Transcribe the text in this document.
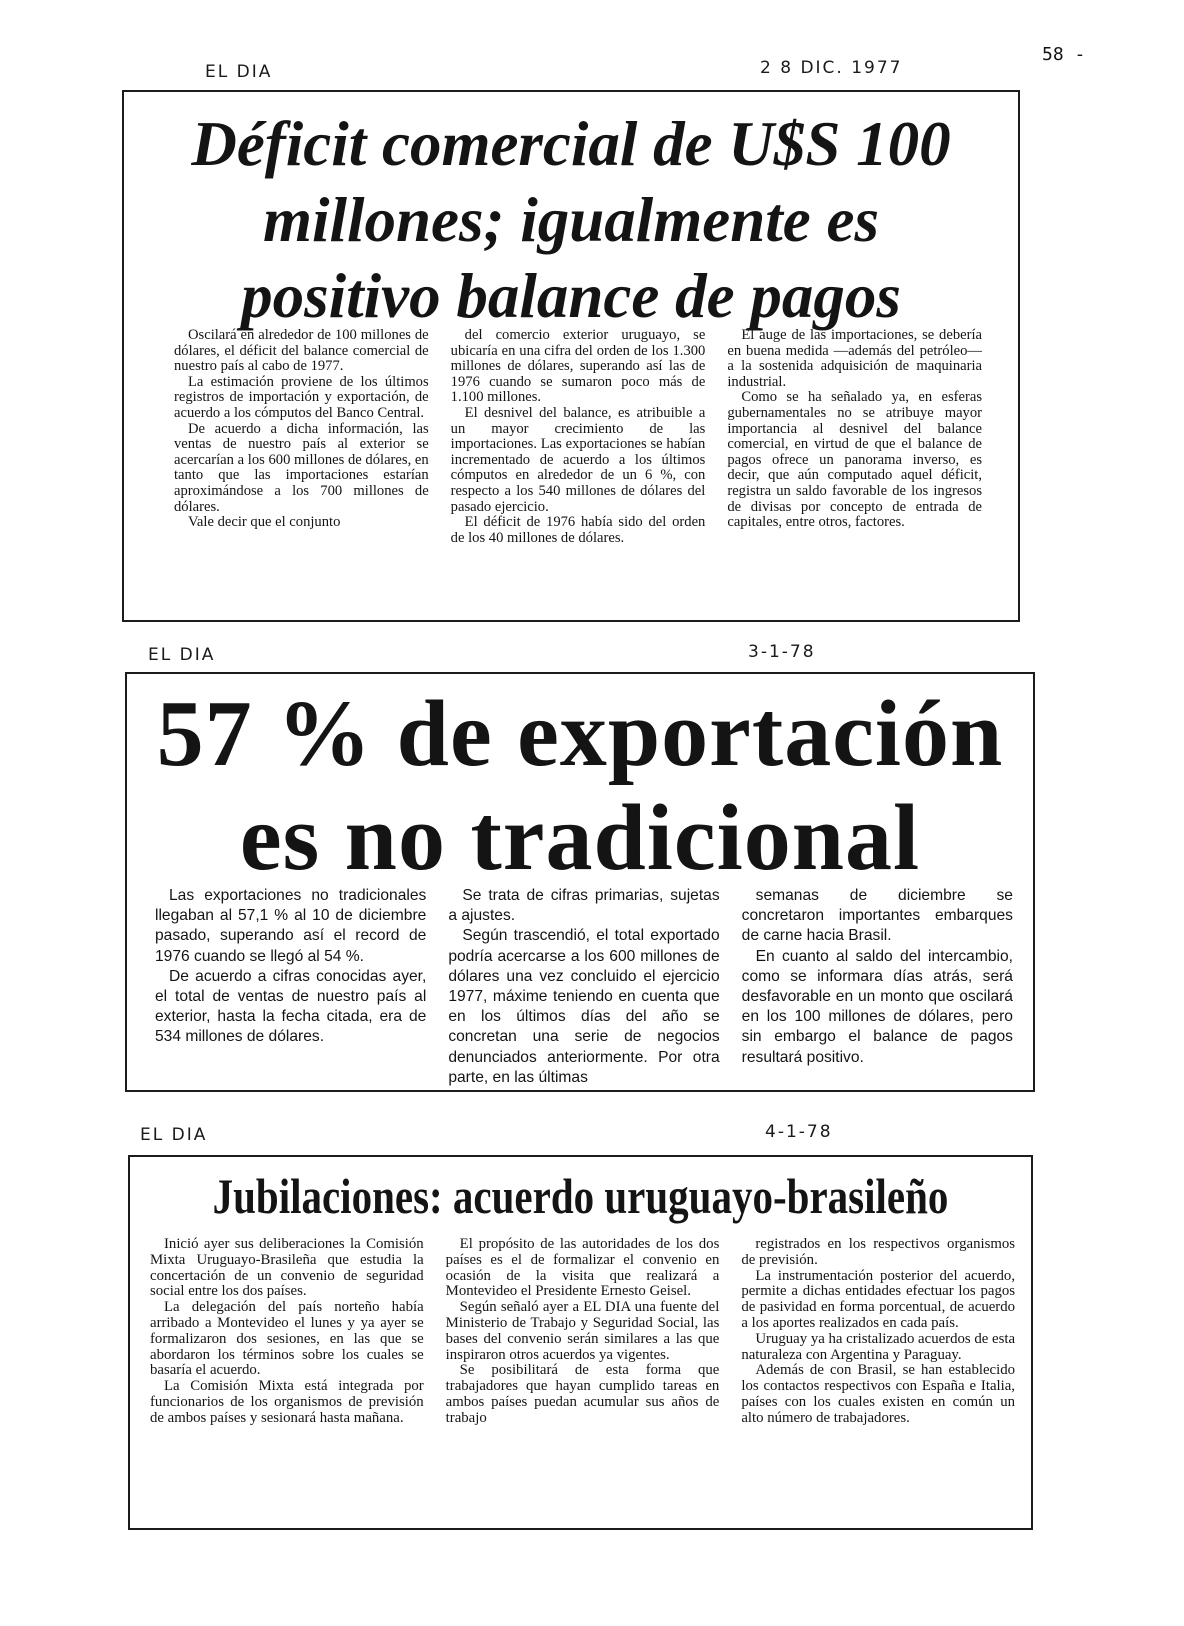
58 -
EL DIA	2 8 DIC. 1977
Déficit comercial de U$S 100
millones; igualmente es
positivo balance de pagos

Oscilará en alrededor de 100 millones de dólares, el déficit del balance comercial de nuestro país al cabo de 1977.

La estimación proviene de los últimos registros de importación y exportación, de acuerdo a los cómputos del Banco Central.

De acuerdo a dicha información, las ventas de nuestro país al exterior se acercarían a los 600 millones de dólares, en tanto que las importaciones estarían aproximándose a los 700 millones de dólares.

Vale decir que el conjunto

del comercio exterior uruguayo, se ubicaría en una cifra del orden de los 1.300 millones de dólares, superando así las de 1976 cuando se sumaron poco más de 1.100 millones.

El desnivel del balance, es atribuible a un mayor crecimiento de las importaciones. Las exportaciones se habían incrementado de acuerdo a los últimos cómputos en alrededor de un 6 %, con respecto a los 540 millones de dólares del pasado ejercicio.

El déficit de 1976 había sido del orden de los 40 millones de dólares.

El auge de las importaciones, se debería en buena medida —además del petróleo— a la sostenida adquisición de maquinaria industrial.

Como se ha señalado ya, en esferas gubernamentales no se atribuye mayor importancia al desnivel del balance comercial, en virtud de que el balance de pagos ofrece un panorama inverso, es decir, que aún computado aquel déficit, registra un saldo favorable de los ingresos de divisas por concepto de entrada de capitales, entre otros, factores.

EL DIA	3-1-78
57 % de exportación
es no tradicional

Las exportaciones no tradicionales llegaban al 57,1 % al 10 de diciembre pasado, superando así el record de 1976 cuando se llegó al 54 %.

De acuerdo a cifras conocidas ayer, el total de ventas de nuestro país al exterior, hasta la fecha citada, era de 534 millones de dólares.

Se trata de cifras primarias, sujetas a ajustes.

Según trascendió, el total exportado podría acercarse a los 600 millones de dólares una vez concluido el ejercicio 1977, máxime teniendo en cuenta que en los últimos días del año se concretan una serie de negocios denunciados anteriormente. Por otra parte, en las últimas

semanas de diciembre se concretaron importantes embarques de carne hacia Brasil.

En cuanto al saldo del intercambio, como se informara días atrás, será desfavorable en un monto que oscilará en los 100 millones de dólares, pero sin embargo el balance de pagos resultará positivo.

EL DIA	4-1-78
Jubilaciones: acuerdo uruguayo-brasileño

Inició ayer sus deliberaciones la Comisión Mixta Uruguayo-Brasileña que estudia la concertación de un convenio de seguridad social entre los dos países.

La delegación del país norteño había arribado a Montevideo el lunes y ya ayer se formalizaron dos sesiones, en las que se abordaron los términos sobre los cuales se basaría el acuerdo.

La Comisión Mixta está integrada por funcionarios de los organismos de previsión de ambos países y sesionará hasta mañana.

El propósito de las autoridades de los dos países es el de formalizar el convenio en ocasión de la visita que realizará a Montevideo el Presidente Ernesto Geisel.

Según señaló ayer a EL DIA una fuente del Ministerio de Trabajo y Seguridad Social, las bases del convenio serán similares a las que inspiraron otros acuerdos ya vigentes.

Se posibilitará de esta forma que trabajadores que hayan cumplido tareas en ambos países puedan acumular sus años de trabajo

registrados en los respectivos organismos de previsión.

La instrumentación posterior del acuerdo, permite a dichas entidades efectuar los pagos de pasividad en forma porcentual, de acuerdo a los aportes realizados en cada país.

Uruguay ya ha cristalizado acuerdos de esta naturaleza con Argentina y Paraguay.

Además de con Brasil, se han establecido los contactos respectivos con España e Italia, países con los cuales existen en común un alto número de trabajadores.
